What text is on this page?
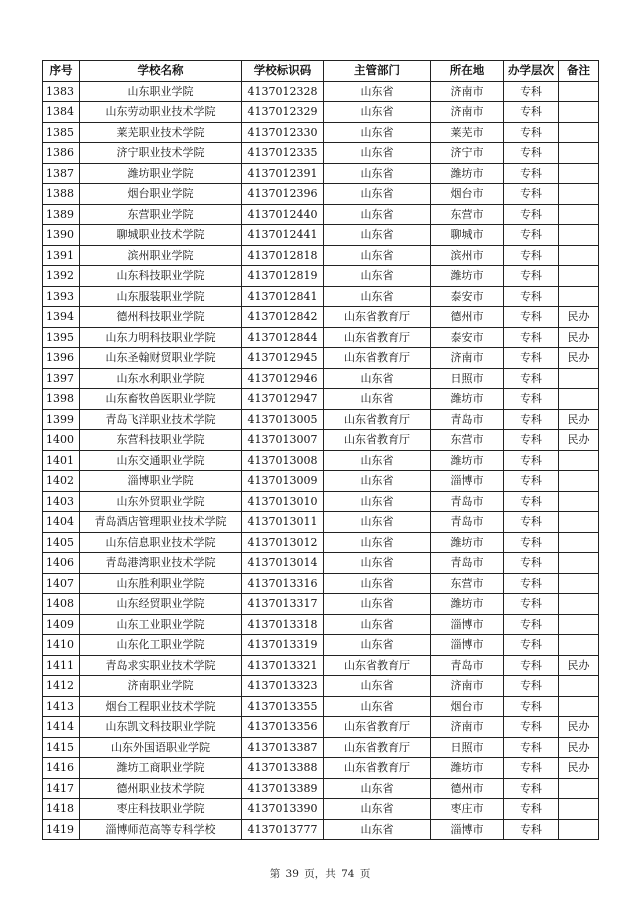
序号	学校名称	学校标识码	主管部门	所在地	办学层次	备注
1383	山东职业学院	4137012328	山东省	济南市	专科	
1384	山东劳动职业技术学院	4137012329	山东省	济南市	专科	
1385	莱芜职业技术学院	4137012330	山东省	莱芜市	专科	
1386	济宁职业技术学院	4137012335	山东省	济宁市	专科	
1387	潍坊职业学院	4137012391	山东省	潍坊市	专科	
1388	烟台职业学院	4137012396	山东省	烟台市	专科	
1389	东营职业学院	4137012440	山东省	东营市	专科	
1390	聊城职业技术学院	4137012441	山东省	聊城市	专科	
1391	滨州职业学院	4137012818	山东省	滨州市	专科	
1392	山东科技职业学院	4137012819	山东省	潍坊市	专科	
1393	山东服装职业学院	4137012841	山东省	泰安市	专科	
1394	德州科技职业学院	4137012842	山东省教育厅	德州市	专科	民办
1395	山东力明科技职业学院	4137012844	山东省教育厅	泰安市	专科	民办
1396	山东圣翰财贸职业学院	4137012945	山东省教育厅	济南市	专科	民办
1397	山东水利职业学院	4137012946	山东省	日照市	专科	
1398	山东畜牧兽医职业学院	4137012947	山东省	潍坊市	专科	
1399	青岛飞洋职业技术学院	4137013005	山东省教育厅	青岛市	专科	民办
1400	东营科技职业学院	4137013007	山东省教育厅	东营市	专科	民办
1401	山东交通职业学院	4137013008	山东省	潍坊市	专科	
1402	淄博职业学院	4137013009	山东省	淄博市	专科	
1403	山东外贸职业学院	4137013010	山东省	青岛市	专科	
1404	青岛酒店管理职业技术学院	4137013011	山东省	青岛市	专科	
1405	山东信息职业技术学院	4137013012	山东省	潍坊市	专科	
1406	青岛港湾职业技术学院	4137013014	山东省	青岛市	专科	
1407	山东胜利职业学院	4137013316	山东省	东营市	专科	
1408	山东经贸职业学院	4137013317	山东省	潍坊市	专科	
1409	山东工业职业学院	4137013318	山东省	淄博市	专科	
1410	山东化工职业学院	4137013319	山东省	淄博市	专科	
1411	青岛求实职业技术学院	4137013321	山东省教育厅	青岛市	专科	民办
1412	济南职业学院	4137013323	山东省	济南市	专科	
1413	烟台工程职业技术学院	4137013355	山东省	烟台市	专科	
1414	山东凯文科技职业学院	4137013356	山东省教育厅	济南市	专科	民办
1415	山东外国语职业学院	4137013387	山东省教育厅	日照市	专科	民办
1416	潍坊工商职业学院	4137013388	山东省教育厅	潍坊市	专科	民办
1417	德州职业技术学院	4137013389	山东省	德州市	专科	
1418	枣庄科技职业学院	4137013390	山东省	枣庄市	专科	
1419	淄博师范高等专科学校	4137013777	山东省	淄博市	专科	
第 39 页，共 74 页
